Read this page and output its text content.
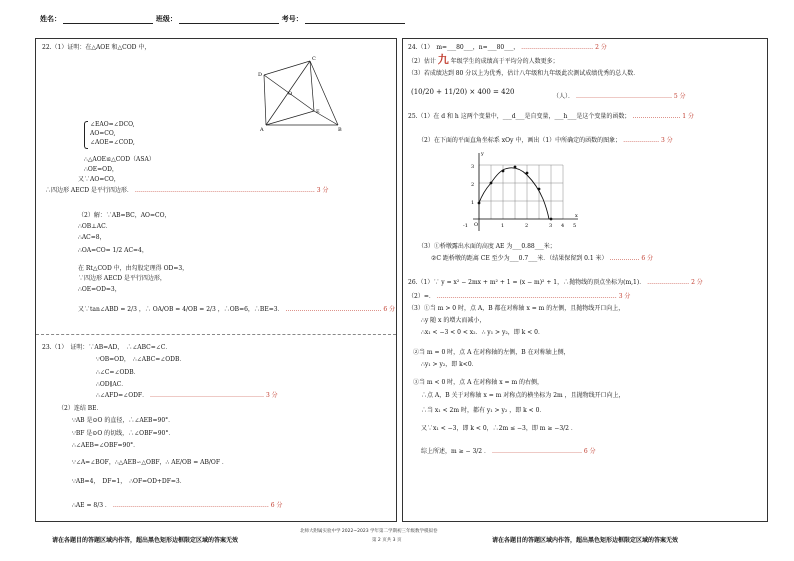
姓名：	班级：	考号：
22.（1）证明：在△AOE 和△COD 中，
C
D
A	B
E
O
∠EAO=∠DCO,
AO=CO,
∠AOE=∠COD,
∴△AOE≌△COD（ASA）
∴OE=OD，
又∵AO=CO，
∴四边形 AECD 是平行四边形． ……………………………………………………………………………… 3 分
（2）解：∵AB=BC，AO=CO，
∴OB⊥AC．
∴AC=8，
∴OA=CO= 1/2 AC=4，
在 Rt△COD 中，由勾股定理得 OD=3，
∵四边形 AECD 是平行四边形，
∴OE=OD=3，
又∵tan∠ABD = 2/3 ，∴ OA/OB = 4/OB = 2/3 ，∴OB=6，∴BE=3． ………………………………………… 6 分
23.（1）　证明：∵AB=AD，　∴∠ABC=∠C．
∵OB=OD，　∴∠ABC=∠ODB．
∴∠C=∠ODB．
∴OD∥AC．
∴∠AFD=∠ODF． ………………………………………………… 3 分
（2）连结 BE．
∵AB 是⊙O 的直径，∴∠AEB=90°．
∵BF 是⊙O 的切线，∴∠OBF=90°．
∴∠AEB=∠OBF=90°．
∵∠A=∠BOF，∴△AEB∽△OBF，∴ AE/OB = AB/OF ．
∵AB=4，　DF=1，　∴OF=OD+DF=3．
∴AE = 8/3 ． …………………………………………………………………… 6 分
24.（1）　m=___80___，n=___80___， ……………………………… 2 分
（2）估计 九 年级学生的成绩高于平均分的人数更多；
（3）若成绩达到 80 分以上为优秀，估计八年级和九年级此次测试成绩优秀的总人数．
(10/20 + 11/20) × 400 = 420
（人）． ………………………………………… 5 分
25.（1）在 d 和 h 这两个变量中，___d___是自变量，___h___是这个变量的函数； …………………… 1 分
（2）在下面的平面直角坐标系 xOy 中，画出（1）中所确定的函数的图象； ……………… 3 分
y
x
O
1
2
3
-1	1	2	3 4 5
（3）①桥墩露出水面的高度 AE 为___0.88___米；
②C 距桥墩的距离 CE 至少为___0.7___米．（结果保留到 0.1 米） …………… 6 分
26.（1）∵ y = x² − 2mx + m² + 1 = (x − m)² + 1，∴抛物线的顶点坐标为(m,1)． ………………… 2 分
（2）=． ……………………………………………………………………………… 3 分
（3）①当 m > 0 时，点 A，B 都在对称轴 x = m 的左侧，且抛物线开口向上，
∴y 随 x 的增大而减小，
∴x₁ < −3 < 0 < x₂．∴ y₁ > y₂，即 k < 0．
②当 m = 0 时，点 A 在对称轴的左侧，B 在对称轴上侧，
∴y₁ > y₂，即 k<0．
③当 m < 0 时，点 A 在对称轴 x = m 的右侧，
∴点 A，B 关于对称轴 x = m 对称点的横坐标为 2m ，且抛物线开口向上，
∴当 x₁ < 2m 时，都有 y₁ > y₂ ，即 k < 0．
又∵x₁ < −3，即 k < 0，∴2m ≤ −3，即 m ≥ −3/2 ．
综上所述，m ≥ − 3/2 ． ……………………………………… 6 分
请在各题目的答题区域内作答，超出黑色矩形边框限定区域的答案无效	请在各题目的答题区域内作答，超出黑色矩形边框限定区域的答案无效
北师大附属实验中学 2022~2023 学年第二学期初三年级数学模拟卷
第 2 页共 3 页
